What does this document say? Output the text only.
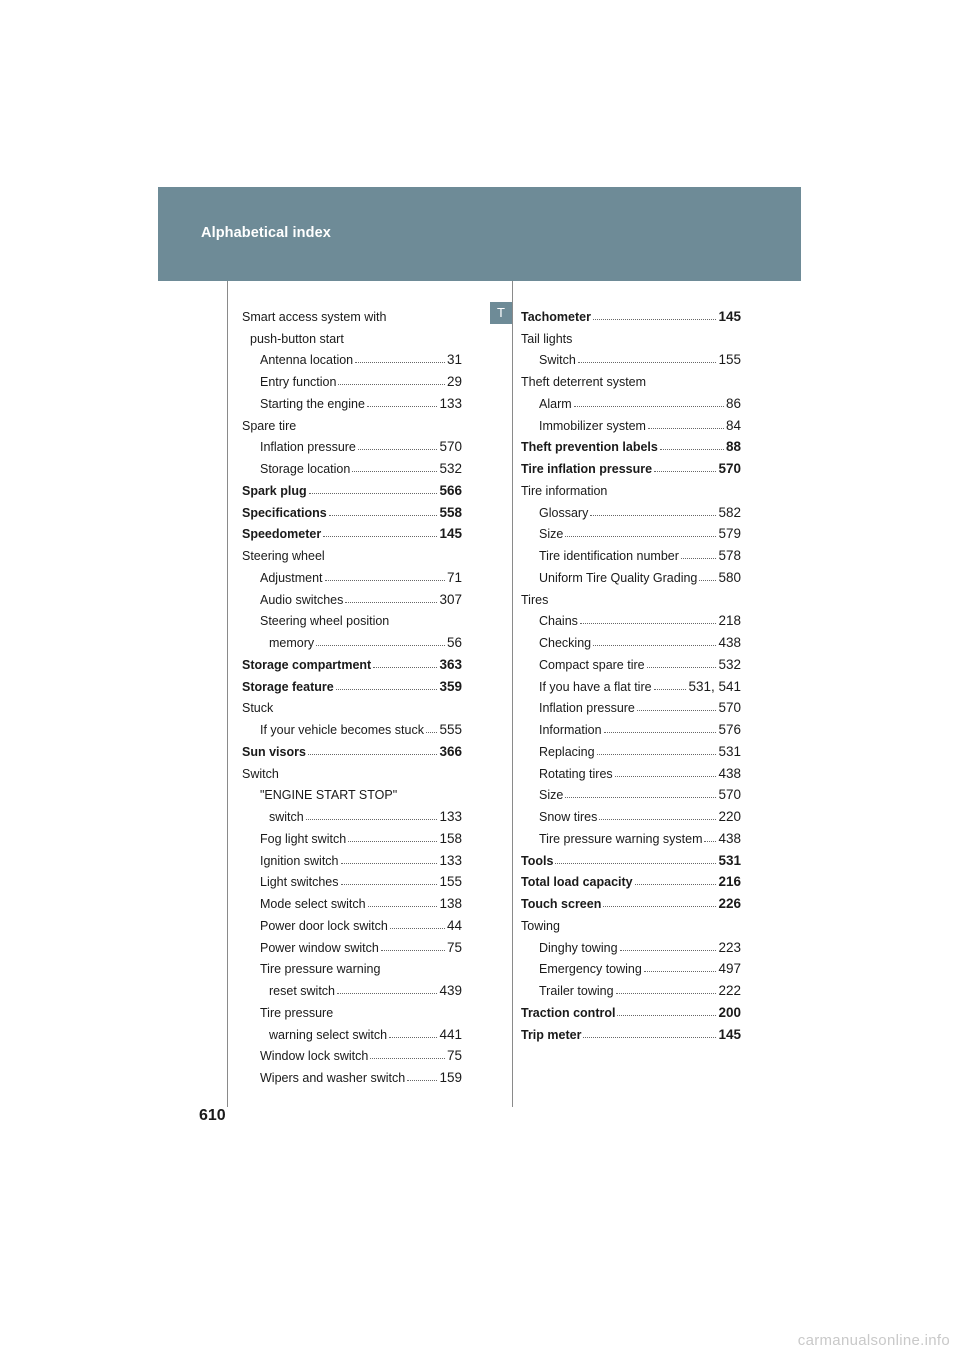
Alphabetical index
T
Smart access system with
push-button start
Antenna location	31
Entry function	29
Starting the engine	133
Spare tire
Inflation pressure	570
Storage location	532
Spark plug	566
Specifications	558
Speedometer	145
Steering wheel
Adjustment	71
Audio switches	307
Steering wheel position
memory	56
Storage compartment	363
Storage feature	359
Stuck
If your vehicle becomes stuck 555
Sun visors	366
Switch
"ENGINE START STOP"
switch	133
Fog light switch	158
Ignition switch	133
Light switches	155
Mode select switch	138
Power door lock switch	44
Power window switch	75
Tire pressure warning
reset switch	439
Tire pressure
warning select switch	441
Window lock switch	75
Wipers and washer switch	159
Tachometer	145
Tail lights
Switch	155
Theft deterrent system
Alarm	86
Immobilizer system	84
Theft prevention labels	88
Tire inflation pressure	570
Tire information
Glossary	582
Size	579
Tire identification number	578
Uniform Tire Quality Grading 580
Tires
Chains	218
Checking	438
Compact spare tire	532
If you have a flat tire	531, 541
Inflation pressure	570
Information	576
Replacing	531
Rotating tires	438
Size	570
Snow tires	220
Tire pressure warning system 438
Tools	531
Total load capacity	216
Touch screen	226
Towing
Dinghy towing	223
Emergency towing	497
Trailer towing	222
Traction control	200
Trip meter	145
610
carmanualsonline.info
